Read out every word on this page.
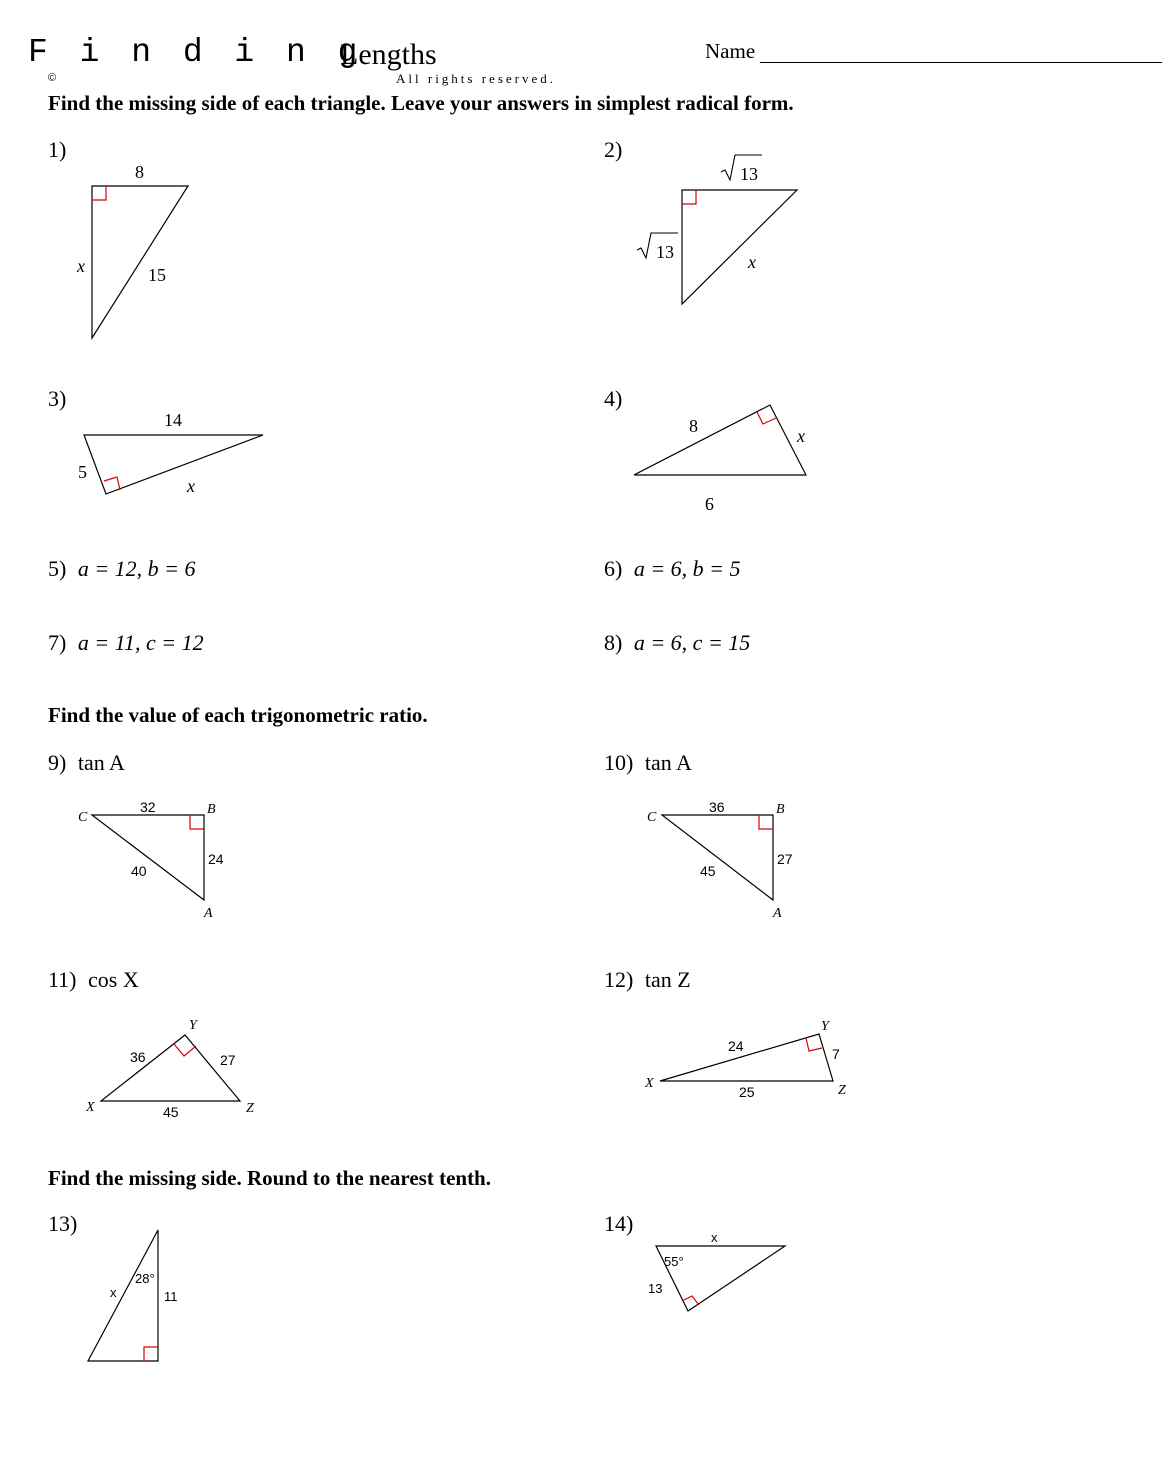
F i n d i n g
Lengths
©	All rights reserved.
Name
Find the missing side of each triangle. Leave your answers in simplest radical form.
1)
8
x	15
13
13	x
14
5
x
8	x
9
C
B
A
32
24
40
C
B
A
36
27
45
X
Y
Z
36	27
45
X
Y
Z
24	7
25
x
28°
11
x
55°
13
2)
3)	4)
5) a = 12, b = 6	6) a = 6, b = 5
7) a = 11, c = 12	8) a = 6, c = 15
Find the value of each trigonometric ratio.
9) tan A	10) tan A
11) cos X	12) tan Z
Find the missing side. Round to the nearest tenth.
13)	14)
